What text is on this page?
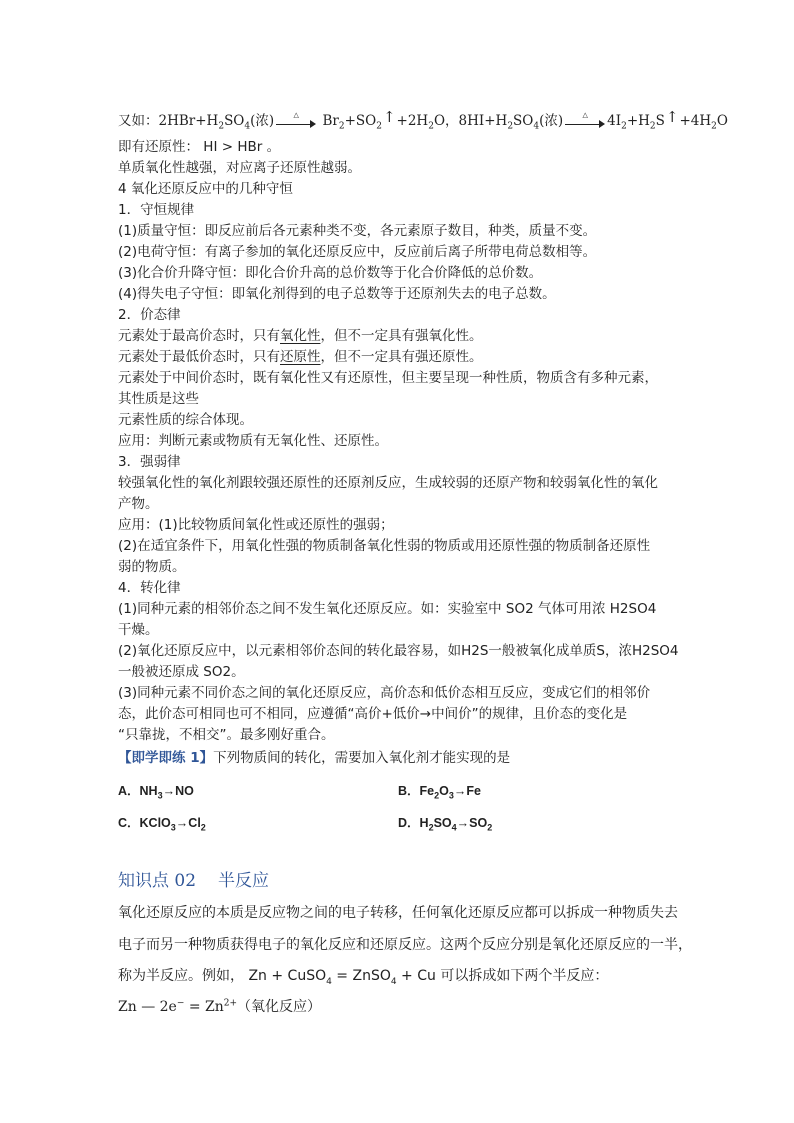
又如：$2HBr+H_2SO_4$(浓)	△	$Br_2+SO_2↑+2H_2O$，$8HI+H_2SO_4$(浓)	△	$4I_2+H_2S↑+4H_2O$
即有还原性： HI > HBr 。
单质氧化性越强，对应离子还原性越弱。
4 氧化还原反应中的几种守恒
1．守恒规律
(1)质量守恒：即反应前后各元素种类不变，各元素原子数目，种类，质量不变。
(2)电荷守恒：有离子参加的氧化还原反应中，反应前后离子所带电荷总数相等。
(3)化合价升降守恒：即化合价升高的总价数等于化合价降低的总价数。
(4)得失电子守恒：即氧化剂得到的电子总数等于还原剂失去的电子总数。
2．价态律
元素处于最高价态时，只有氧化性，但不一定具有强氧化性。
元素处于最低价态时，只有还原性，但不一定具有强还原性。
元素处于中间价态时，既有氧化性又有还原性，但主要呈现一种性质，物质含有多种元素，
其性质是这些
元素性质的综合体现。
应用：判断元素或物质有无氧化性、还原性。
3．强弱律
较强氧化性的氧化剂跟较强还原性的还原剂反应，生成较弱的还原产物和较弱氧化性的氧化
产物。
应用：(1)比较物质间氧化性或还原性的强弱；
(2)在适宜条件下，用氧化性强的物质制备氧化性弱的物质或用还原性强的物质制备还原性
弱的物质。
4．转化律
(1)同种元素的相邻价态之间不发生氧化还原反应。如：实验室中 SO2 气体可用浓 H2SO4
干燥。
(2)氧化还原反应中，以元素相邻价态间的转化最容易，如H2S一般被氧化成单质S，浓H2SO4
一般被还原成 SO2。
(3)同种元素不同价态之间的氧化还原反应，高价态和低价态相互反应，变成它们的相邻价
态，此价态可相同也可不相同，应遵循“高价+低价→中间价”的规律，且价态的变化是
“只靠拢，不相交”。最多刚好重合。
【即学即练 1】下列物质间的转化，需要加入氧化剂才能实现的是
A．$NH_3\to NO$	B．$Fe_2O_3\to Fe$
C．$KClO_3\to Cl_2$	D．$H_2SO_4\to SO_2$
知识点 02 半反应
氧化还原反应的本质是反应物之间的电子转移，任何氧化还原反应都可以拆成一种物质失去
电子而另一种物质获得电子的氧化反应和还原反应。这两个反应分别是氧化还原反应的一半，
称为半反应。例如， Zn + CuSO$_4$ = ZnSO$_4$ + Cu 可以拆成如下两个半反应：
Zn — $2e^- = Zn^{2+}$（氧化反应）
